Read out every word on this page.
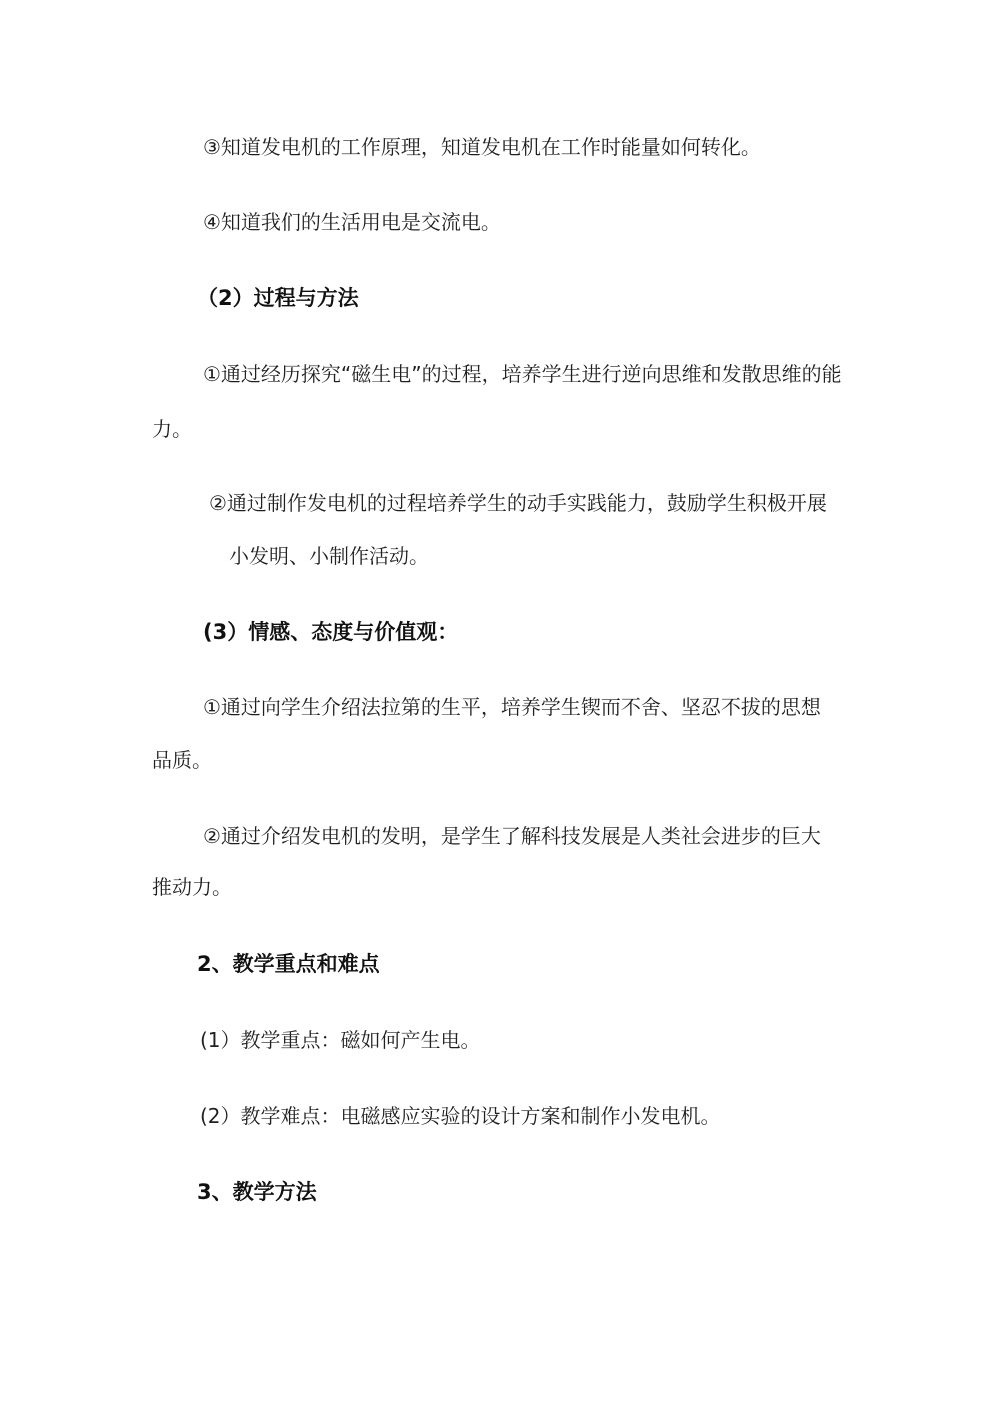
③知道发电机的工作原理，知道发电机在工作时能量如何转化。
④知道我们的生活用电是交流电。
（2）过程与方法
①通过经历探究“磁生电”的过程，培养学生进行逆向思维和发散思维的能
力。
②通过制作发电机的过程培养学生的动手实践能力，鼓励学生积极开展
小发明、小制作活动。
(3）情感、态度与价值观：
①通过向学生介绍法拉第的生平，培养学生锲而不舍、坚忍不拔的思想
品质。
②通过介绍发电机的发明，是学生了解科技发展是人类社会进步的巨大
推动力。
2、教学重点和难点
(1）教学重点：磁如何产生电。
(2）教学难点：电磁感应实验的设计方案和制作小发电机。
3、教学方法
